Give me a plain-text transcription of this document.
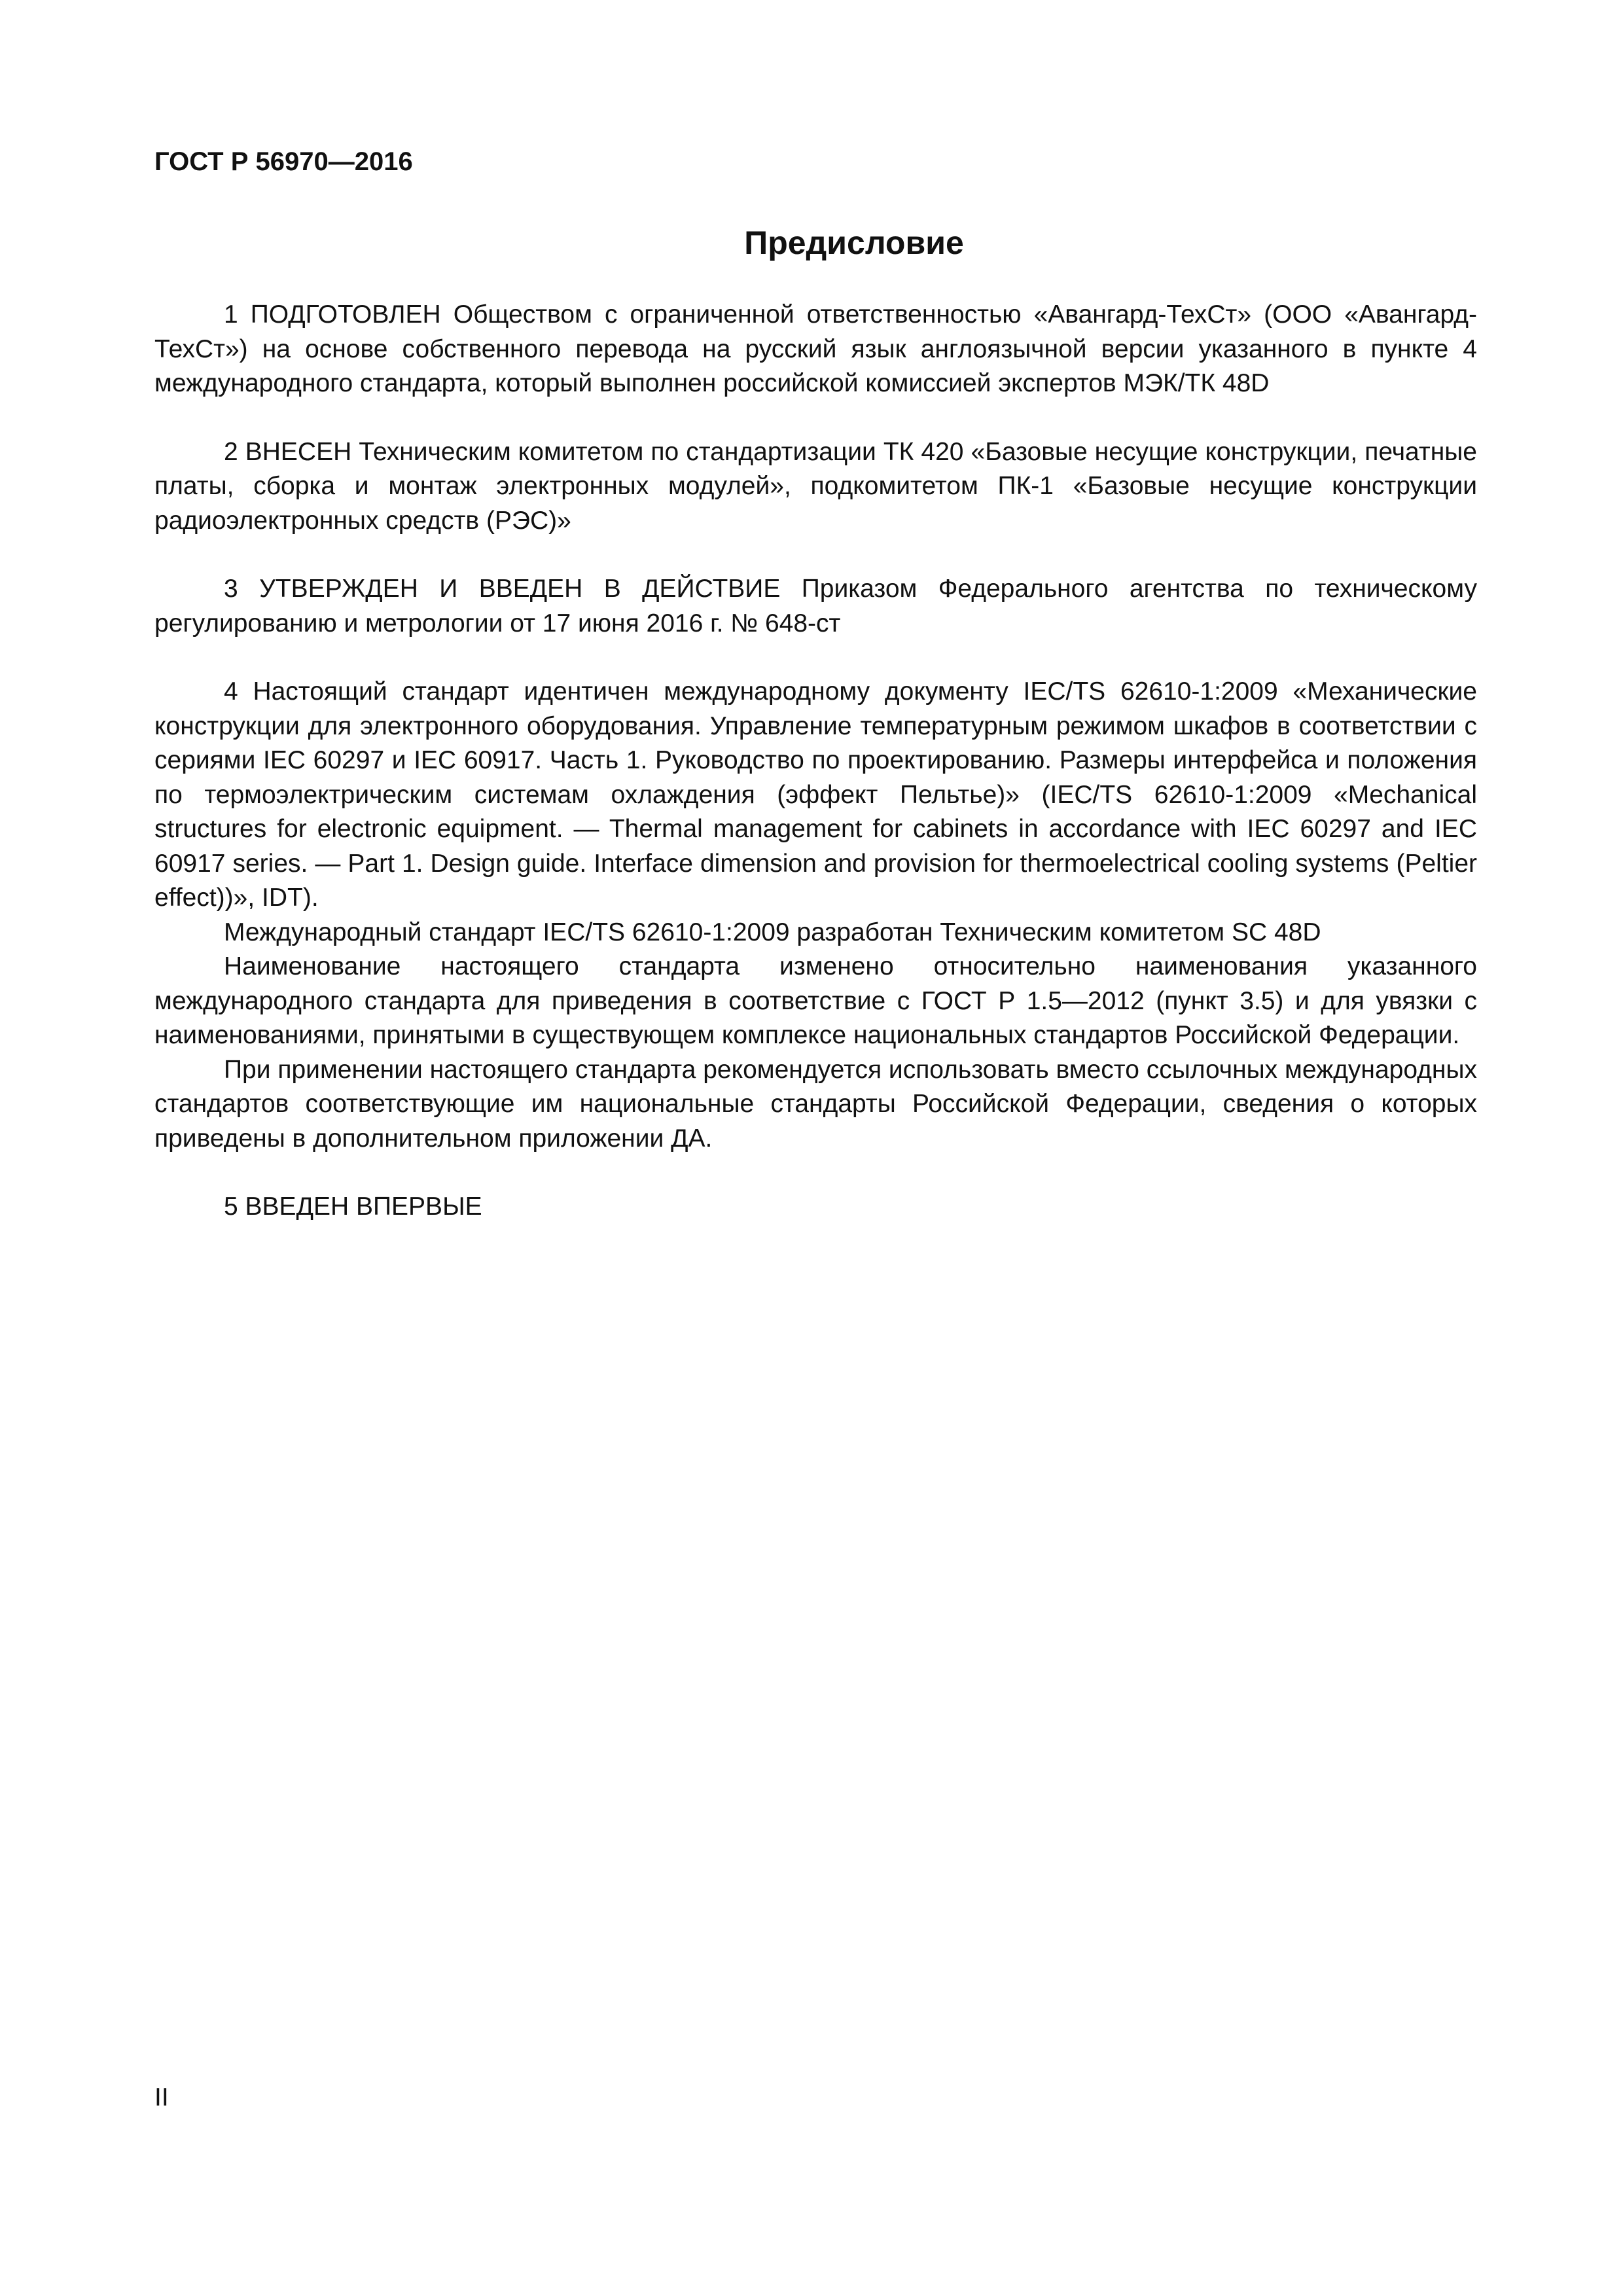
ГОСТ Р 56970—2016
Предисловие

1 ПОДГОТОВЛЕН Обществом с ограниченной ответственностью «Авангард-ТехСт» (ООО «Авангард-ТехСт») на основе собственного перевода на русский язык англоязычной версии указанного в пункте 4 международного стандарта, который выполнен российской комиссией экспертов МЭК/ТК 48D

2 ВНЕСЕН Техническим комитетом по стандартизации ТК 420 «Базовые несущие конструкции, печатные платы, сборка и монтаж электронных модулей», подкомитетом ПК-1 «Базовые несущие конструкции радиоэлектронных средств (РЭС)»

3 УТВЕРЖДЕН И ВВЕДЕН В ДЕЙСТВИЕ Приказом Федерального агентства по техническому регулированию и метрологии от 17 июня 2016 г. № 648-ст

4 Настоящий стандарт идентичен международному документу IEC/TS 62610-1:2009 «Механические конструкции для электронного оборудования. Управление температурным режимом шкафов в соответствии с сериями IEC 60297 и IEC 60917. Часть 1. Руководство по проектированию. Размеры интерфейса и положения по термоэлектрическим системам охлаждения (эффект Пельтье)» (IEC/TS 62610-1:2009 «Mechanical structures for electronic equipment. — Thermal management for cabinets in accordance with IEC 60297 and IEC 60917 series. — Part 1. Design guide. Interface dimension and provision for thermoelectrical cooling systems (Peltier effect))», IDT).

Международный стандарт IEC/TS 62610-1:2009 разработан Техническим комитетом SC 48D

Наименование настоящего стандарта изменено относительно наименования указанного международного стандарта для приведения в соответствие с ГОСТ Р 1.5—2012 (пункт 3.5) и для увязки с наименованиями, принятыми в существующем комплексе национальных стандартов Российской Федерации.

При применении настоящего стандарта рекомендуется использовать вместо ссылочных международных стандартов соответствующие им национальные стандарты Российской Федерации, сведения о которых приведены в дополнительном приложении ДА.

5 ВВЕДЕН ВПЕРВЫЕ

II
